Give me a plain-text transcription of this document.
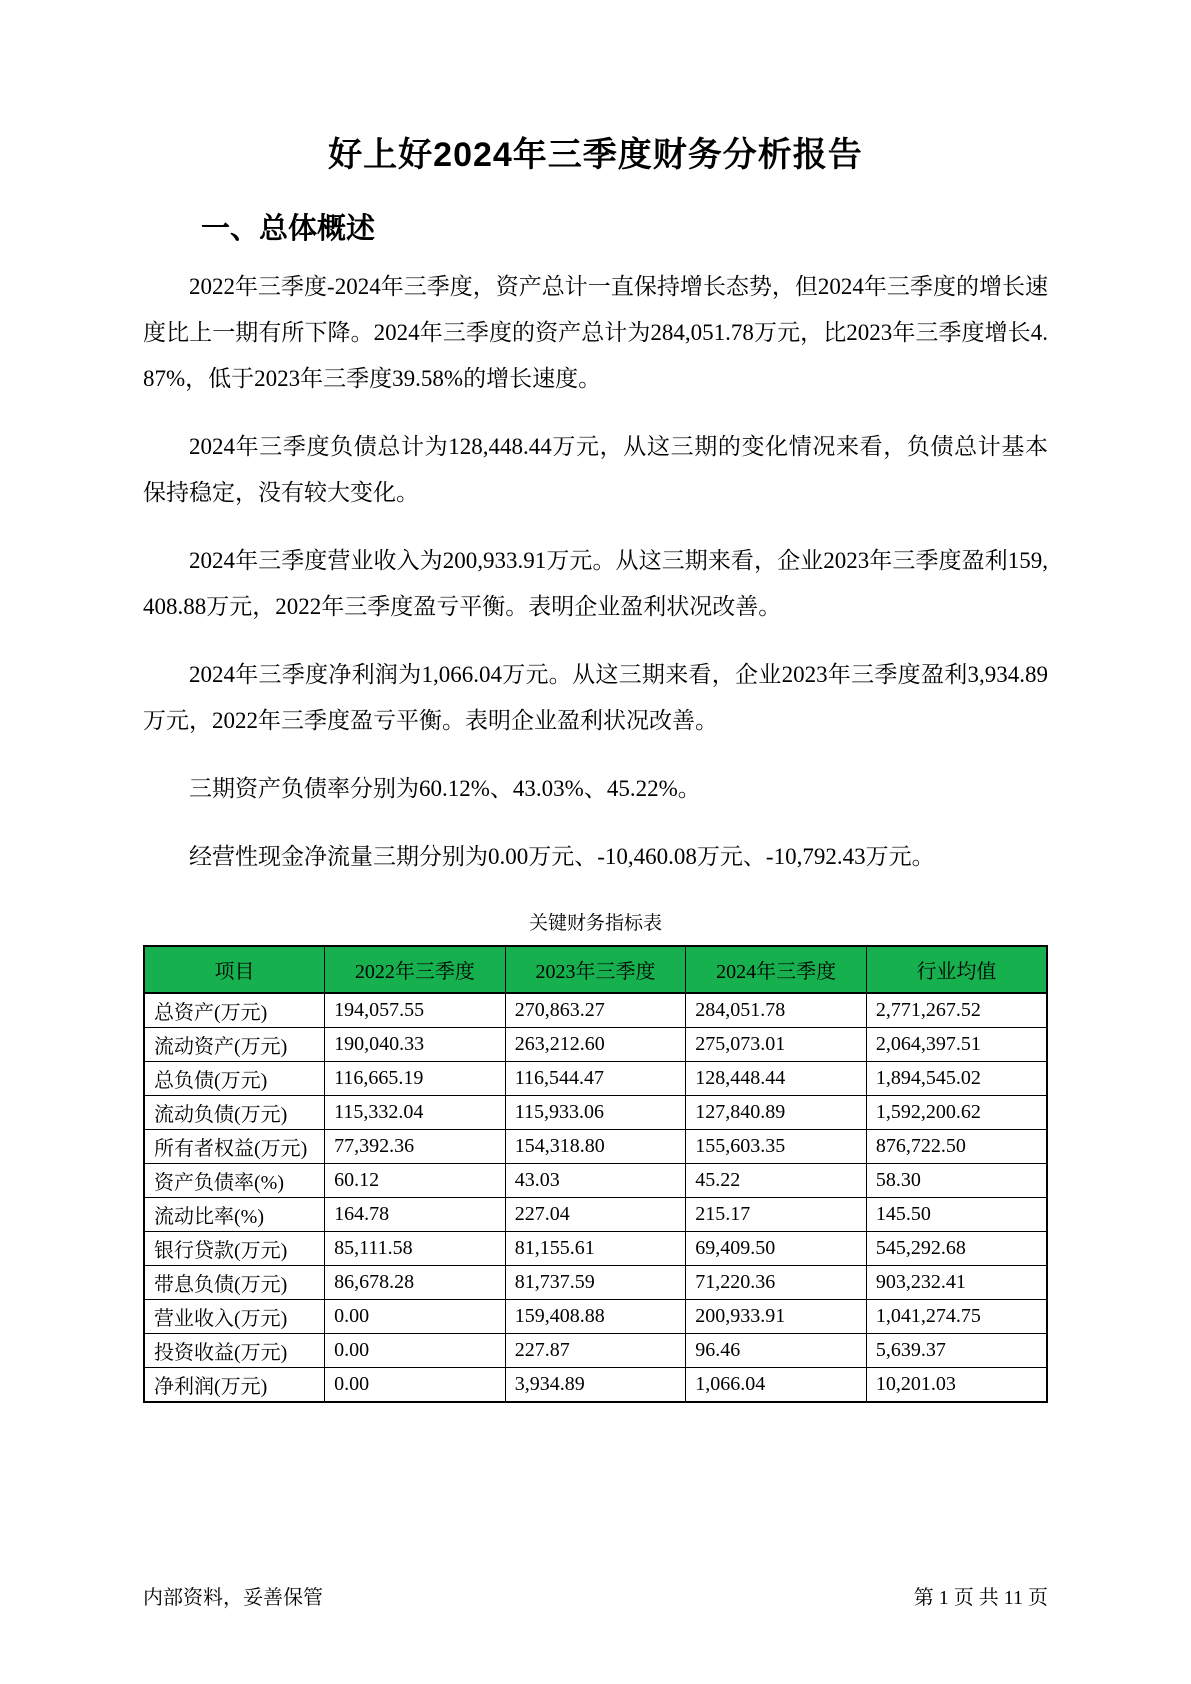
好上好2024年三季度财务分析报告
一、总体概述

2022年三季度-2024年三季度，资产总计一直保持增长态势，但2024年三季度的增长速度比上一期有所下降。2024年三季度的资产总计为284,051.78万元，比2023年三季度增长4.87%，低于2023年三季度39.58%的增长速度。

2024年三季度负债总计为128,448.44万元，从这三期的变化情况来看，负债总计基本保持稳定，没有较大变化。

2024年三季度营业收入为200,933.91万元。从这三期来看，企业2023年三季度盈利159,408.88万元，2022年三季度盈亏平衡。表明企业盈利状况改善。

2024年三季度净利润为1,066.04万元。从这三期来看，企业2023年三季度盈利3,934.89万元，2022年三季度盈亏平衡。表明企业盈利状况改善。

三期资产负债率分别为60.12%、43.03%、45.22%。

经营性现金净流量三期分别为0.00万元、-10,460.08万元、-10,792.43万元。

关键财务指标表
项目	2022年三季度	2023年三季度	2024年三季度	行业均值
总资产(万元)	194,057.55	270,863.27	284,051.78	2,771,267.52
流动资产(万元)	190,040.33	263,212.60	275,073.01	2,064,397.51
总负债(万元)	116,665.19	116,544.47	128,448.44	1,894,545.02
流动负债(万元)	115,332.04	115,933.06	127,840.89	1,592,200.62
所有者权益(万元)	77,392.36	154,318.80	155,603.35	876,722.50
资产负债率(%)	60.12	43.03	45.22	58.30
流动比率(%)	164.78	227.04	215.17	145.50
银行贷款(万元)	85,111.58	81,155.61	69,409.50	545,292.68
带息负债(万元)	86,678.28	81,737.59	71,220.36	903,232.41
营业收入(万元)	0.00	159,408.88	200,933.91	1,041,274.75
投资收益(万元)	0.00	227.87	96.46	5,639.37
净利润(万元)	0.00	3,934.89	1,066.04	10,201.03
内部资料，妥善保管	第 1 页 共 11 页
